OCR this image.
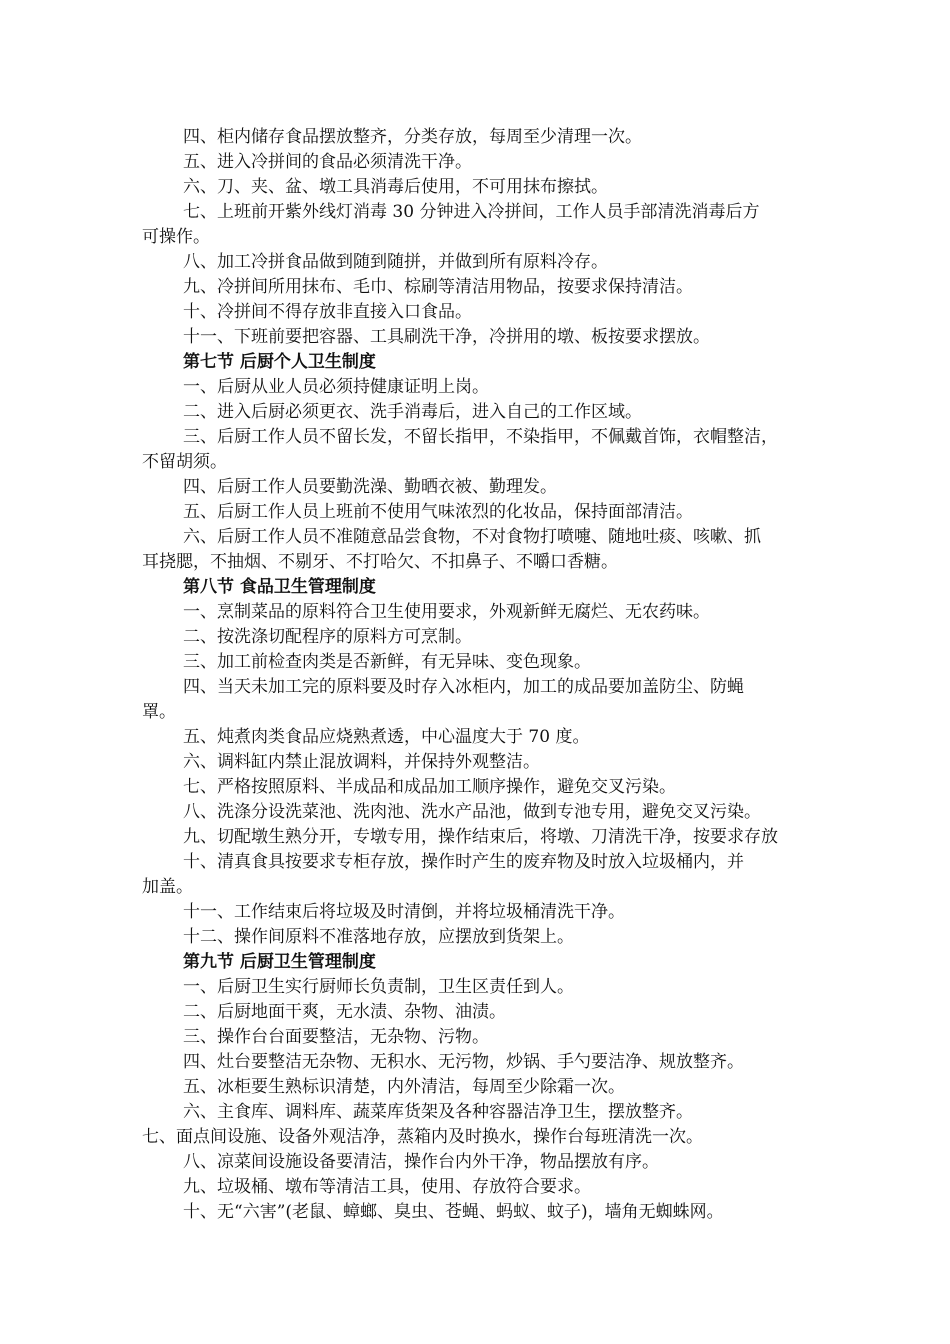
四、柜内储存食品摆放整齐，分类存放，每周至少清理一次。
五、进入冷拼间的食品必须清洗干净。
六、刀、夹、盆、墩工具消毒后使用，不可用抹布擦拭。
七、上班前开紫外线灯消毒 30 分钟进入冷拼间，工作人员手部清洗消毒后方
可操作。
八、加工冷拼食品做到随到随拼，并做到所有原料冷存。
九、冷拼间所用抹布、毛巾、棕刷等清洁用物品，按要求保持清洁。
十、冷拼间不得存放非直接入口食品。
十一、下班前要把容器、工具刷洗干净，冷拼用的墩、板按要求摆放。
第七节 后厨个人卫生制度
一、后厨从业人员必须持健康证明上岗。
二、进入后厨必须更衣、洗手消毒后，进入自己的工作区域。
三、后厨工作人员不留长发，不留长指甲，不染指甲，不佩戴首饰，衣帽整洁，
不留胡须。
四、后厨工作人员要勤洗澡、勤晒衣被、勤理发。
五、后厨工作人员上班前不使用气味浓烈的化妆品，保持面部清洁。
六、后厨工作人员不准随意品尝食物，不对食物打喷嚏、随地吐痰、咳嗽、抓
耳挠腮，不抽烟、不剔牙、不打哈欠、不扣鼻子、不嚼口香糖。
第八节 食品卫生管理制度
一、烹制菜品的原料符合卫生使用要求，外观新鲜无腐烂、无农药味。
二、按洗涤切配程序的原料方可烹制。
三、加工前检查肉类是否新鲜，有无异味、变色现象。
四、当天未加工完的原料要及时存入冰柜内，加工的成品要加盖防尘、防蝇
罩。
五、炖煮肉类食品应烧熟煮透，中心温度大于 70 度。
六、调料缸内禁止混放调料，并保持外观整洁。
七、严格按照原料、半成品和成品加工顺序操作，避免交叉污染。
八、洗涤分设洗菜池、洗肉池、洗水产品池，做到专池专用，避免交叉污染。
九、切配墩生熟分开，专墩专用，操作结束后，将墩、刀清洗干净，按要求存放
十、清真食具按要求专柜存放，操作时产生的废弃物及时放入垃圾桶内，并
加盖。
十一、工作结束后将垃圾及时清倒，并将垃圾桶清洗干净。
十二、操作间原料不准落地存放，应摆放到货架上。
第九节 后厨卫生管理制度
一、后厨卫生实行厨师长负责制，卫生区责任到人。
二、后厨地面干爽，无水渍、杂物、油渍。
三、操作台台面要整洁，无杂物、污物。
四、灶台要整洁无杂物、无积水、无污物，炒锅、手勺要洁净、规放整齐。
五、冰柜要生熟标识清楚，内外清洁，每周至少除霜一次。
六、主食库、调料库、蔬菜库货架及各种容器洁净卫生，摆放整齐。
七、面点间设施、设备外观洁净，蒸箱内及时换水，操作台每班清洗一次。
八、凉菜间设施设备要清洁，操作台内外干净，物品摆放有序。
九、垃圾桶、墩布等清洁工具，使用、存放符合要求。
十、无“六害”(老鼠、蟑螂、臭虫、苍蝇、蚂蚁、蚊子)，墙角无蜘蛛网。
